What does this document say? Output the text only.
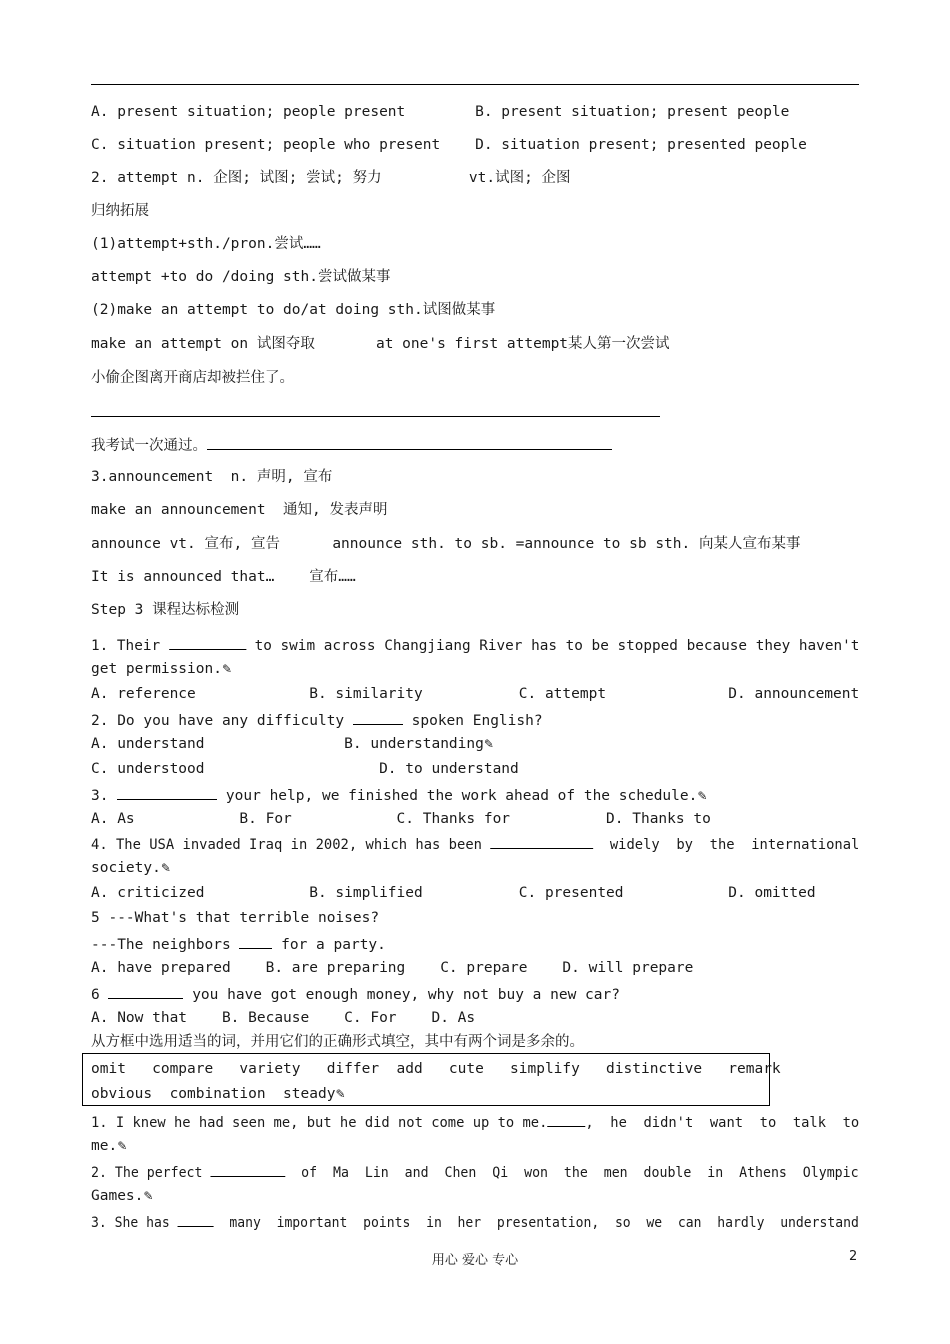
A. present situation; people present        B. present situation; present people
C. situation present; people who present    D. situation present; presented people
2. attempt n. 企图; 试图; 尝试; 努力          vt.试图; 企图
归纳拓展
(1)attempt+sth./pron.尝试……
attempt +to do /doing sth.尝试做某事
(2)make an attempt to do/at doing sth.试图做某事
make an attempt on 试图夺取       at one's first attempt某人第一次尝试
小偷企图离开商店却被拦住了。
我考试一次通过。
3.announcement  n. 声明, 宣布
make an announcement  通知, 发表声明
announce vt. 宣布, 宣告      announce sth. to sb. =announce to sb sth. 向某人宣布某事
It is announced that…    宣布……
Step 3 课程达标检测
1. Their	to swim across Changjiang River has to be stopped because they haven't
get permission.✎
A. reference             B. similarity           C. attempt              D. announcement
2. Do you have any difficulty	spoken English?
A. understand                B. understanding✎
C. understood                    D. to understand
3.	your help, we finished the work ahead of the schedule.✎
A. As            B. For            C. Thanks for           D. Thanks to
4. The USA invaded Iraq in 2002, which has been	widely  by  the  international
society.✎
A. criticized            B. simplified           C. presented            D. omitted
5 ---What's that terrible noises?
---The neighbors  for a party.
A. have prepared    B. are preparing    C. prepare    D. will prepare
6	you have got enough money, why not buy a new car?
A. Now that    B. Because    C. For    D. As
从方框中选用适当的词，并用它们的正确形式填空，其中有两个词是多余的。
omit   compare   variety   differ  add   cute   simplify   distinctive   remark
obvious  combination  steady✎
1. I knew he had seen me, but he did not come up to me.	,  he  didn't  want  to  talk  to
me.✎
2. The perfect	of  Ma  Lin  and  Chen  Qi  won  the  men  double  in  Athens  Olympic
Games.✎
3. She has   many  important  points  in  her  presentation,  so  we  can  hardly  understand
用心 爱心 专心	2
